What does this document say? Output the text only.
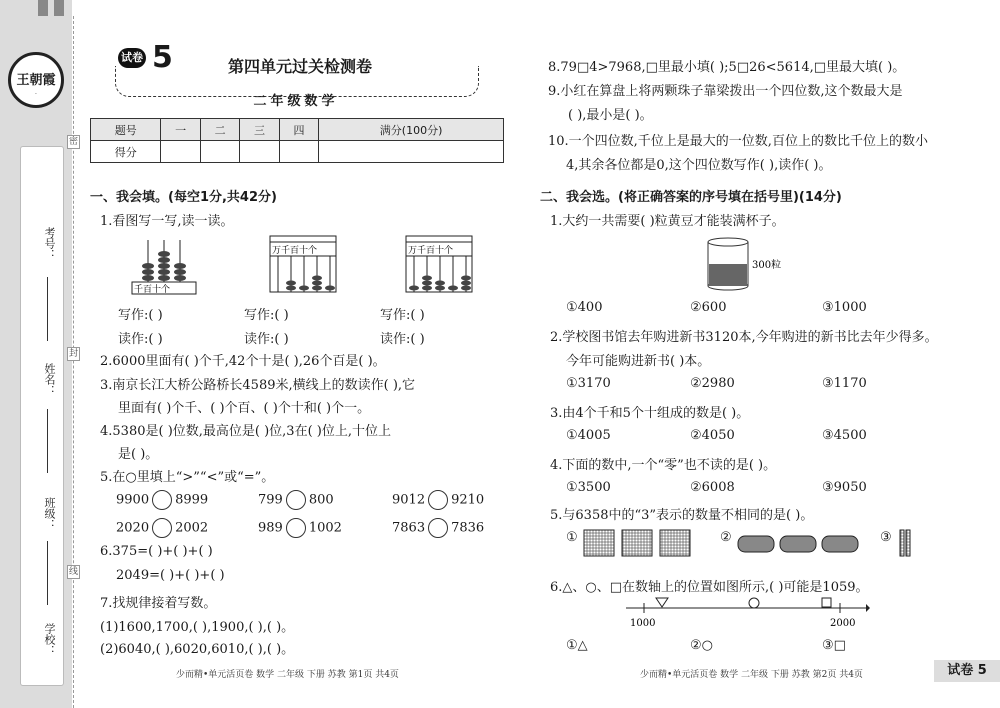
王朝霞
·
考号：
姓名：
班级：
学校：
密
封
线
试卷 5	第四单元过关检测卷
二年级数学
题号	一	二	三	四	满分(100分)
得分					
一、我会填。(每空1分,共42分)
1.看图写一写,读一读。
千百十个
万千百十个	万千百十个
写作:( )	写作:( )	写作:( )
读作:( )	读作:( )	读作:( )
2.6000里面有( )个千,42个十是( ),26个百是( )。
3.南京长江大桥公路桥长4589米,横线上的数读作( ),它
里面有( )个千、( )个百、( )个十和( )个一。
4.5380是( )位数,最高位是( )位,3在( )位上,十位上
是( )。
5.在○里填上“>”“<”或“=”。
9900 8999	799 800	9012 9210
2020 2002	989 1002	7863 7836
6.375=( )+( )+( )
2049=( )+( )+( )
7.找规律接着写数。
(1)1600,1700,( ),1900,( ),( )。
(2)6040,( ),6020,6010,( ),( )。
少而精•单元活页卷 数学 二年级 下册 苏教 第1页 共4页
8.79□4>7968,□里最小填( );5□26<5614,□里最大填( )。
9.小红在算盘上将两颗珠子靠梁拨出一个四位数,这个数最大是
( ),最小是( )。
10.一个四位数,千位上是最大的一位数,百位上的数比千位上的数小
4,其余各位都是0,这个四位数写作( ),读作( )。
二、我会选。(将正确答案的序号填在括号里)(14分)
1.大约一共需要( )粒黄豆才能装满杯子。
300粒
①400	②600	③1000
2.学校图书馆去年购进新书3120本,今年购进的新书比去年少得多。
今年可能购进新书( )本。
①3170	②2980	③1170
3.由4个千和5个十组成的数是( )。
①4005	②4050	③4500
4.下面的数中,一个“零”也不读的是( )。
①3500	②6008	③9050
5.与6358中的“3”表示的数量不相同的是( )。
①	②	③
6.△、○、□在数轴上的位置如图所示,( )可能是1059。
1000	2000
①△	②○	③□
少而精•单元活页卷 数学 二年级 下册 苏教 第2页 共4页	试卷 5
